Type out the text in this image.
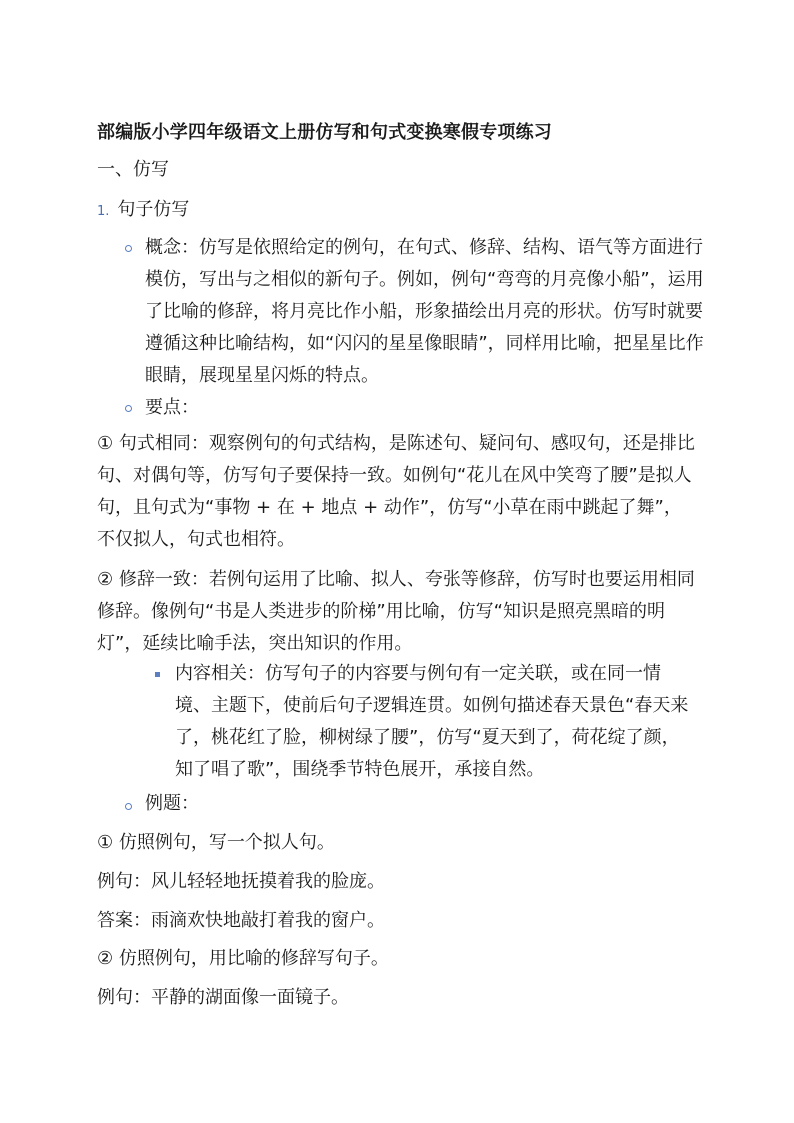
部编版小学四年级语文上册仿写和句式变换寒假专项练习
一、仿写
1. 句子仿写
概念：仿写是依照给定的例句，在句式、修辞、结构、语气等方面进行模仿，写出与之相似的新句子。例如，例句“弯弯的月亮像小船”，运用了比喻的修辞，将月亮比作小船，形象描绘出月亮的形状。仿写时就要遵循这种比喻结构，如“闪闪的星星像眼睛”，同样用比喻，把星星比作眼睛，展现星星闪烁的特点。
要点：
① 句式相同：观察例句的句式结构，是陈述句、疑问句、感叹句，还是排比句、对偶句等，仿写句子要保持一致。如例句“花儿在风中笑弯了腰”是拟人句，且句式为“事物 + 在 + 地点 + 动作”，仿写“小草在雨中跳起了舞”，不仅拟人，句式也相符。
② 修辞一致：若例句运用了比喻、拟人、夸张等修辞，仿写时也要运用相同修辞。像例句“书是人类进步的阶梯”用比喻，仿写“知识是照亮黑暗的明灯”，延续比喻手法，突出知识的作用。
内容相关：仿写句子的内容要与例句有一定关联，或在同一情境、主题下，使前后句子逻辑连贯。如例句描述春天景色“春天来了，桃花红了脸，柳树绿了腰”，仿写“夏天到了，荷花绽了颜，知了唱了歌”，围绕季节特色展开，承接自然。
例题：
① 仿照例句，写一个拟人句。
例句：风儿轻轻地抚摸着我的脸庞。
答案：雨滴欢快地敲打着我的窗户。
② 仿照例句，用比喻的修辞写句子。
例句：平静的湖面像一面镜子。
